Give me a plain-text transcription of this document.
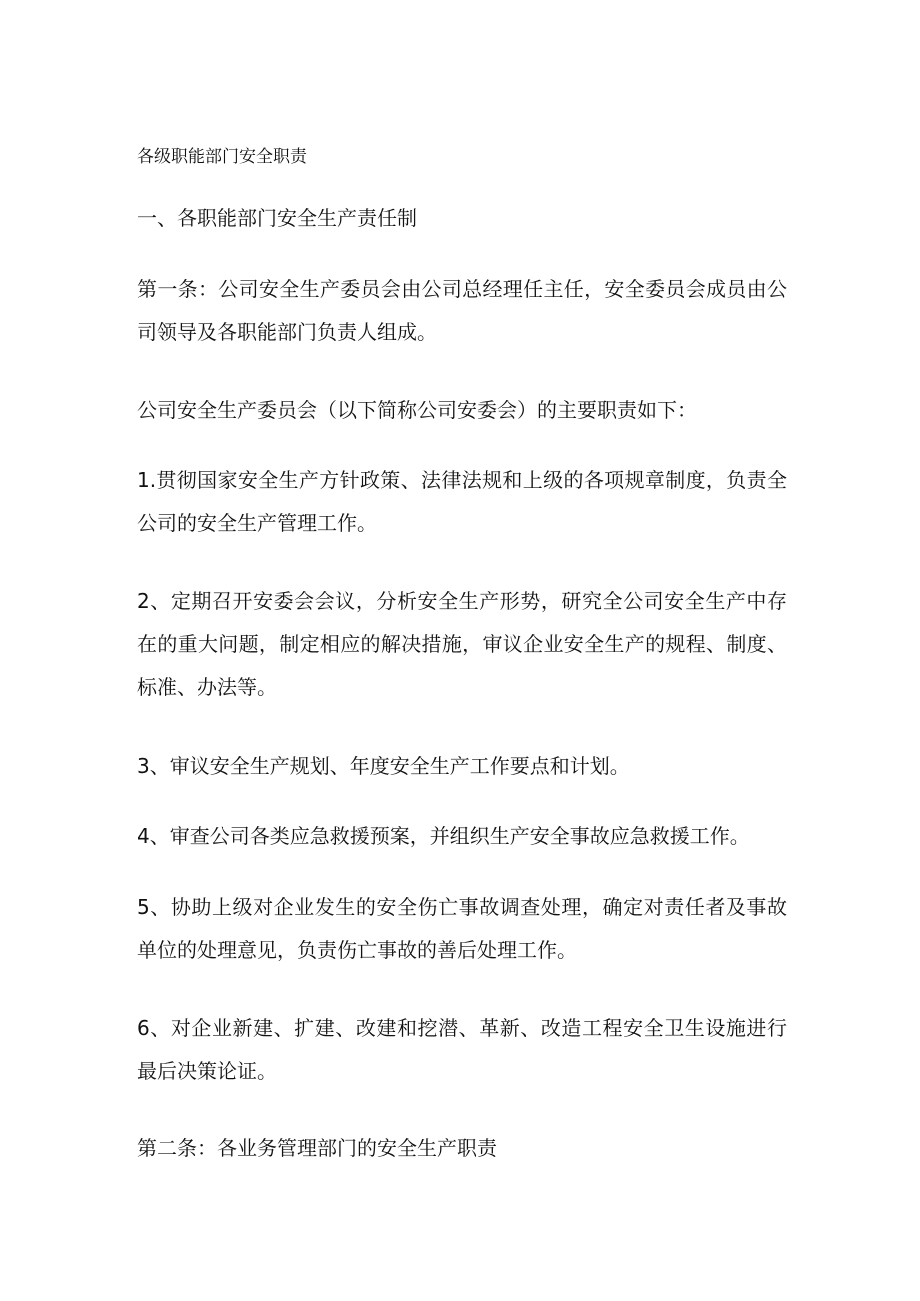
各级职能部门安全职责

一、各职能部门安全生产责任制

第一条：公司安全生产委员会由公司总经理任主任，安全委员会成员由公司领导及各职能部门负责人组成。

公司安全生产委员会（以下简称公司安委会）的主要职责如下：

1.贯彻国家安全生产方针政策、法律法规和上级的各项规章制度，负责全公司的安全生产管理工作。

2、定期召开安委会会议，分析安全生产形势，研究全公司安全生产中存在的重大问题，制定相应的解决措施，审议企业安全生产的规程、制度、标准、办法等。

3、审议安全生产规划、年度安全生产工作要点和计划。

4、审查公司各类应急救援预案，并组织生产安全事故应急救援工作。

5、协助上级对企业发生的安全伤亡事故调查处理，确定对责任者及事故单位的处理意见，负责伤亡事故的善后处理工作。

6、对企业新建、扩建、改建和挖潜、革新、改造工程安全卫生设施进行最后决策论证。

第二条：各业务管理部门的安全生产职责
